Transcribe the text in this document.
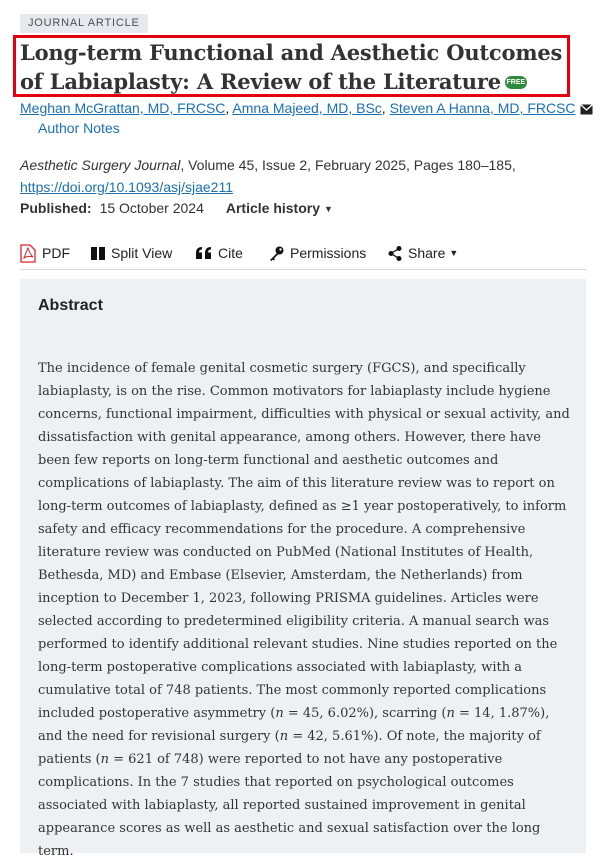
JOURNAL ARTICLE
Long-term Functional and Aesthetic Outcomes of Labiaplasty: A Review of the Literature FREE
Meghan McGrattan, MD, FRCSC, Amna Majeed, MD, BSc, Steven A Hanna, MD, FRCSC
Author Notes
Aesthetic Surgery Journal, Volume 45, Issue 2, February 2025, Pages 180–185,
https://doi.org/10.1093/asj/sjae211
Published: 15 October 2024 Article history ▼
PDF	Split View	Cite	Permissions	Share ▼
Abstract

The incidence of female genital cosmetic surgery (FGCS), and specifically labiaplasty, is on the rise. Common motivators for labiaplasty include hygiene concerns, functional impairment, difficulties with physical or sexual activity, and dissatisfaction with genital appearance, among others. However, there have been few reports on long-term functional and aesthetic outcomes and complications of labiaplasty. The aim of this literature review was to report on long-term outcomes of labiaplasty, defined as ≥1 year postoperatively, to inform safety and efficacy recommendations for the procedure. A comprehensive literature review was conducted on PubMed (National Institutes of Health, Bethesda, MD) and Embase (Elsevier, Amsterdam, the Netherlands) from inception to December 1, 2023, following PRISMA guidelines. Articles were selected according to predetermined eligibility criteria. A manual search was performed to identify additional relevant studies. Nine studies reported on the long-term postoperative complications associated with labiaplasty, with a cumulative total of 748 patients. The most commonly reported complications included postoperative asymmetry (n = 45, 6.02%), scarring (n = 14, 1.87%), and the need for revisional surgery (n = 42, 5.61%). Of note, the majority of patients (n = 621 of 748) were reported to not have any postoperative complications. In the 7 studies that reported on psychological outcomes associated with labiaplasty, all reported sustained improvement in genital appearance scores as well as aesthetic and sexual satisfaction over the long term.
